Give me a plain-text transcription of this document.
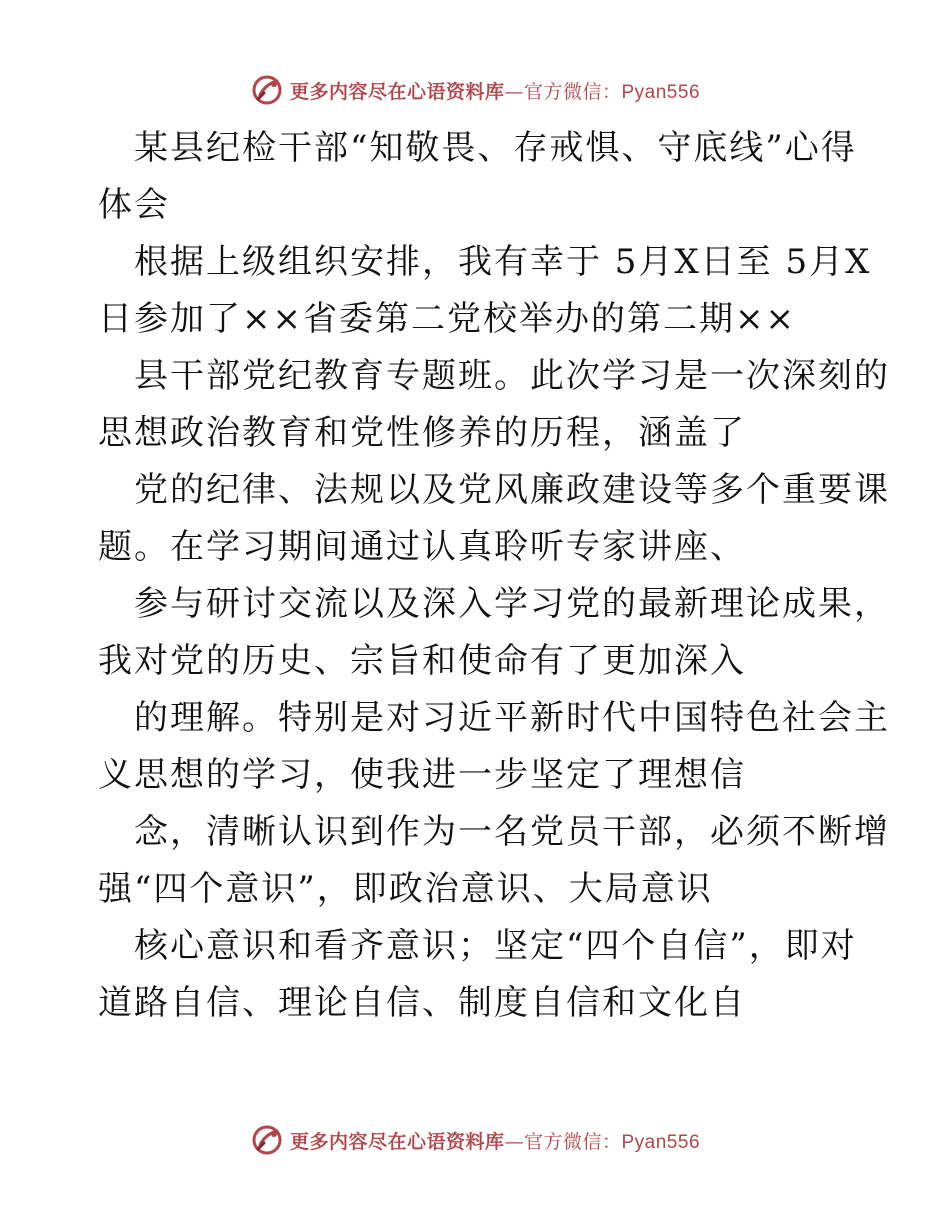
更多内容尽在心语资料库—官方微信：Pyan556
某县纪检干部“知敬畏、存戒惧、守底线”心得
体会
根据上级组织安排，我有幸于 5月X日至 5月X
日参加了××省委第二党校举办的第二期××
县干部党纪教育专题班。此次学习是一次深刻的
思想政治教育和党性修养的历程，涵盖了
党的纪律、法规以及党风廉政建设等多个重要课
题。在学习期间通过认真聆听专家讲座、
参与研讨交流以及深入学习党的最新理论成果，
我对党的历史、宗旨和使命有了更加深入
的理解。特别是对习近平新时代中国特色社会主
义思想的学习，使我进一步坚定了理想信
念，清晰认识到作为一名党员干部，必须不断增
强“四个意识”，即政治意识、大局意识
核心意识和看齐意识；坚定“四个自信”，即对
道路自信、理论自信、制度自信和文化自
更多内容尽在心语资料库—官方微信：Pyan556
